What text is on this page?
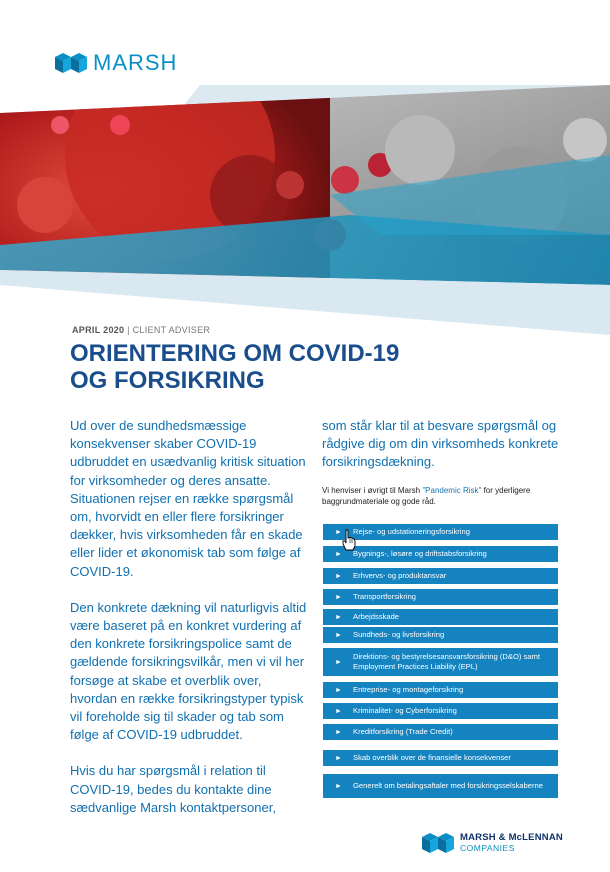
MARSH
APRIL 2020 | CLIENT ADVISER
ORIENTERING OM COVID-19
OG FORSIKRING

Ud over de sundhedsmæssige konsekvenser skaber COVID-19 udbruddet en usædvanlig kritisk situation for virksomheder og deres ansatte. Situationen rejser en række spørgsmål om, hvorvidt en eller flere forsikringer dækker, hvis virksomheden får en skade eller lider et økonomisk tab som følge af COVID-19.

Den konkrete dækning vil naturligvis altid være baseret på en konkret vurdering af den konkrete forsikringspolice samt de gældende forsikringsvilkår, men vi vil her forsøge at skabe et overblik over, hvordan en række forsikringstyper typisk vil foreholde sig til skader og tab som følge af COVID-19 udbruddet.

Hvis du har spørgsmål i relation til COVID-19, bedes du kontakte dine sædvanlige Marsh kontaktpersoner,

som står klar til at besvare spørgsmål og rådgive dig om din virksomheds konkrete forsikringsdækning.
Vi henviser i øvrigt til Marsh "Pandemic Risk" for yderligere baggrundmateriale og gode råd.
►	Rejse- og udstationeringsforsikring
►	Bygnings-, løsøre og driftstabsforsikring
►	Erhvervs- og produktansvar
►	Transportforsikring
►	Arbejdsskade
►	Sundheds- og livsforsikring
►
Direktions- og bestyrelsesansvarsforsikring (D&O) samt Employment Practices Liability (EPL)
►	Entreprise- og montageforsikring
►	Kriminalitet- og Cyberforsikring
►	Kreditforsikring (Trade Credit)
►	Skab overblik over de finansielle konsekvenser
►	Generelt om betalingsaftaler med forsikringsselskaberne
MARSH & McLENNAN
COMPANIES
